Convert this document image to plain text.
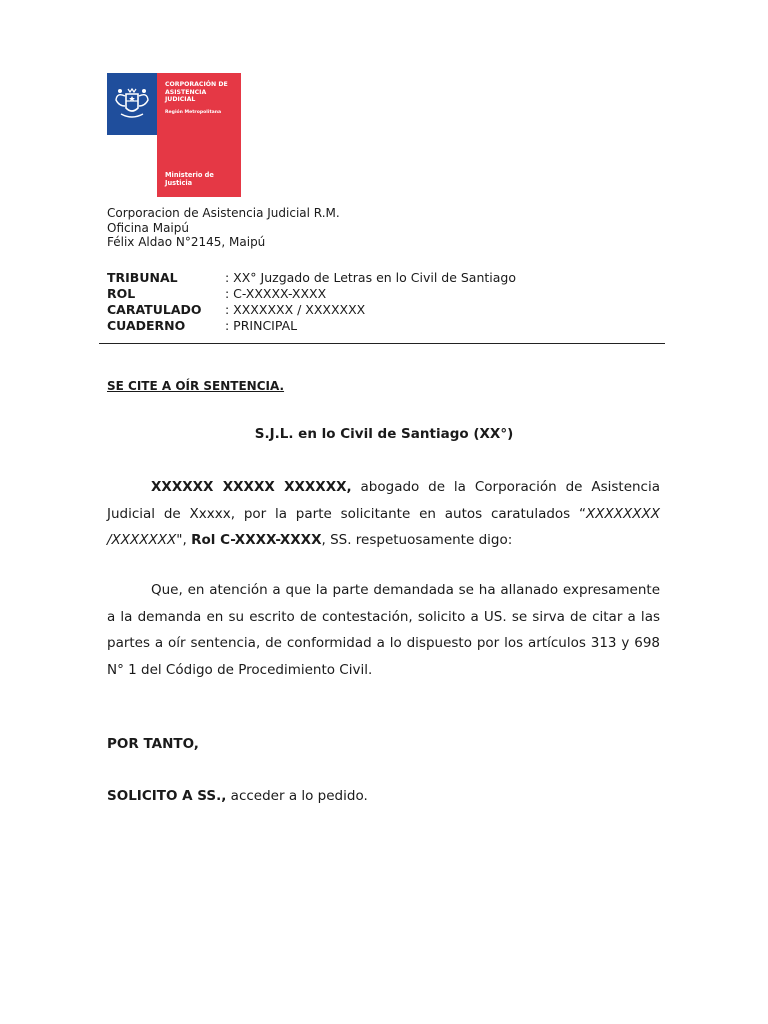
CORPORACIÓN DE
ASISTENCIA
JUDICIAL
Región Metropolitana
Ministerio de
Justicia
Corporacion de Asistencia Judicial R.M.
Oficina Maipú
Félix Aldao N°2145, Maipú
TRIBUNAL	: XX° Juzgado de Letras en lo Civil de Santiago
ROL	: C-XXXXX-XXXX
CARATULADO	: XXXXXXX / XXXXXXX
CUADERNO	: PRINCIPAL
SE CITE A OÍR SENTENCIA.
S.J.L. en lo Civil de Santiago (XX°)
XXXXXX XXXXX XXXXXX, abogado de la Corporación de Asistencia Judicial de Xxxxx, por la parte solicitante en autos caratulados “XXXXXXXX /XXXXXXX", Rol C-XXXX-XXXX, SS. respetuosamente digo:
Que, en atención a que la parte demandada se ha allanado expresamente a la demanda en su escrito de contestación, solicito a US. se sirva de citar a las partes a oír sentencia, de conformidad a lo dispuesto por los artículos 313 y 698 N° 1 del Código de Procedimiento Civil.
POR TANTO,
SOLICITO A SS., acceder a lo pedido.
